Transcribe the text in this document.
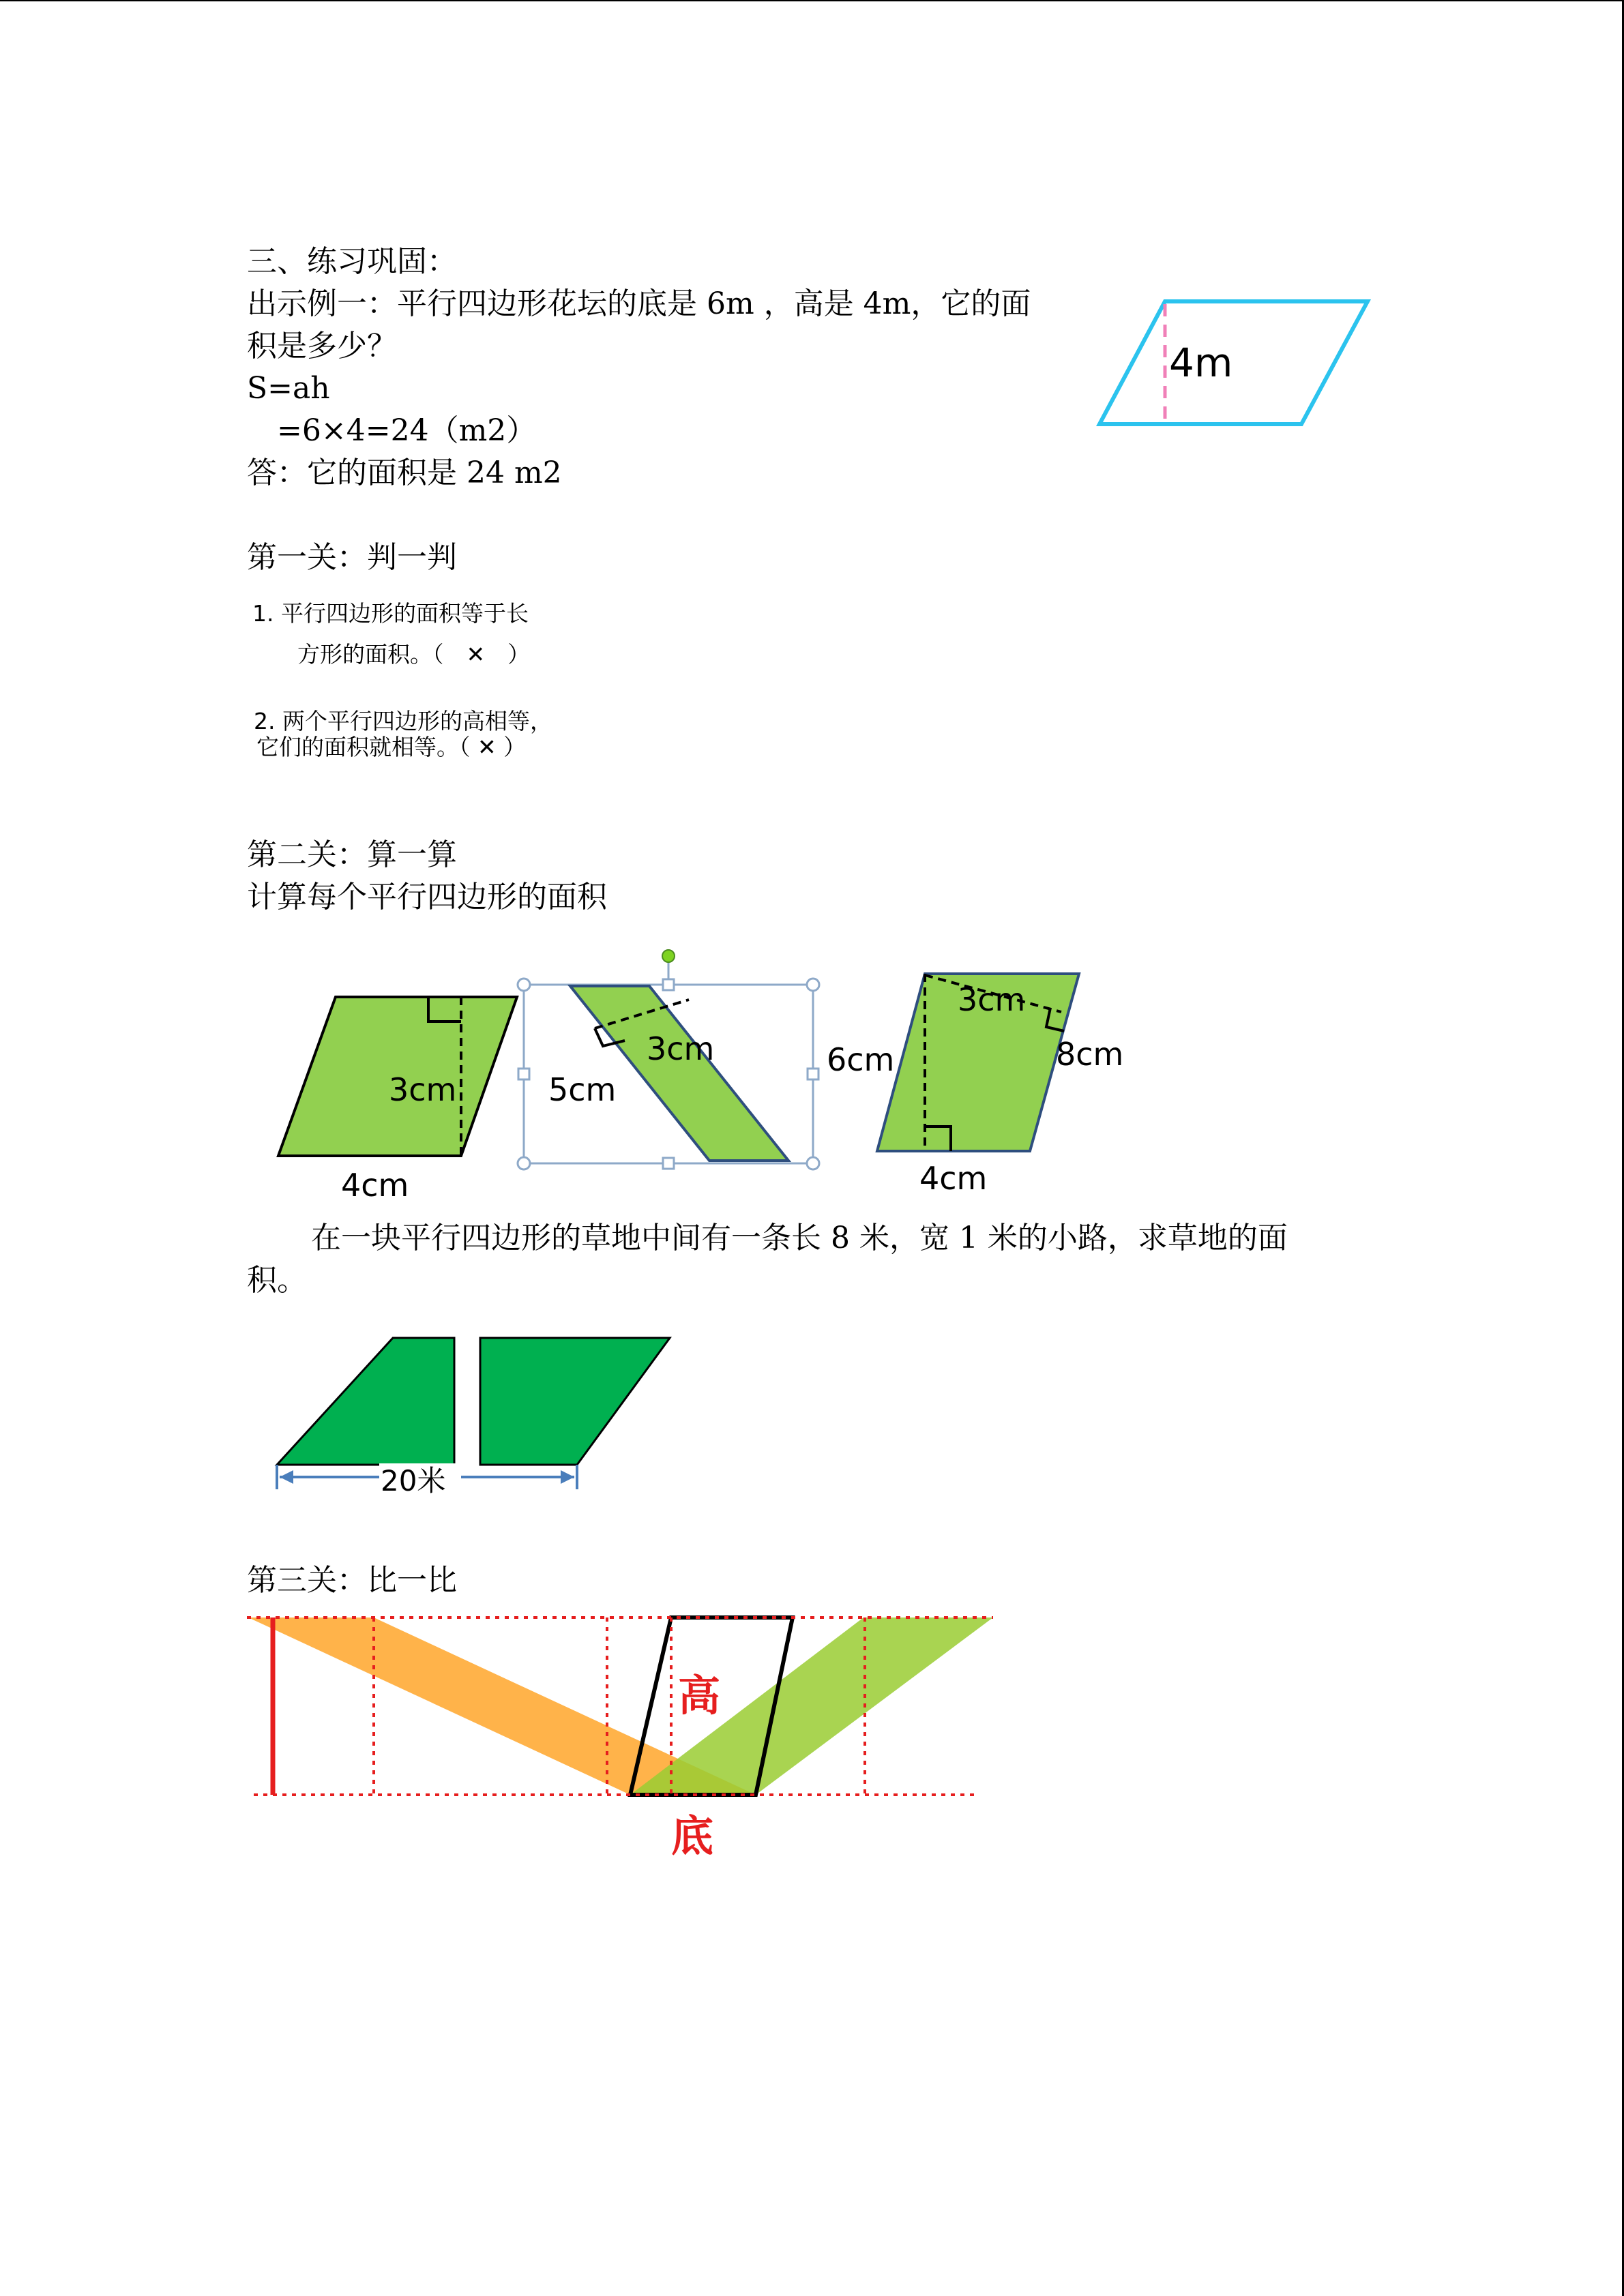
三、练习巩固：
出示例一：平行四边形花坛的底是 6m ，高是 4m，它的面
积是多少？
S=ah
=6×4=24（m2）
答：它的面积是 24 m2
第一关：判一判
1. 平行四边形的面积等于长
方形的面积。（　✕　）
2. 两个平行四边形的高相等，
它们的面积就相等。（ ✕ ）
第二关：算一算
计算每个平行四边形的面积
在一块平行四边形的草地中间有一条长 8 米，宽 1 米的小路，求草地的面
积。
第三关：比一比
4m
3cm
4cm
3cm
5cm
6cm
3cm
8cm
4cm
20米
高
底
